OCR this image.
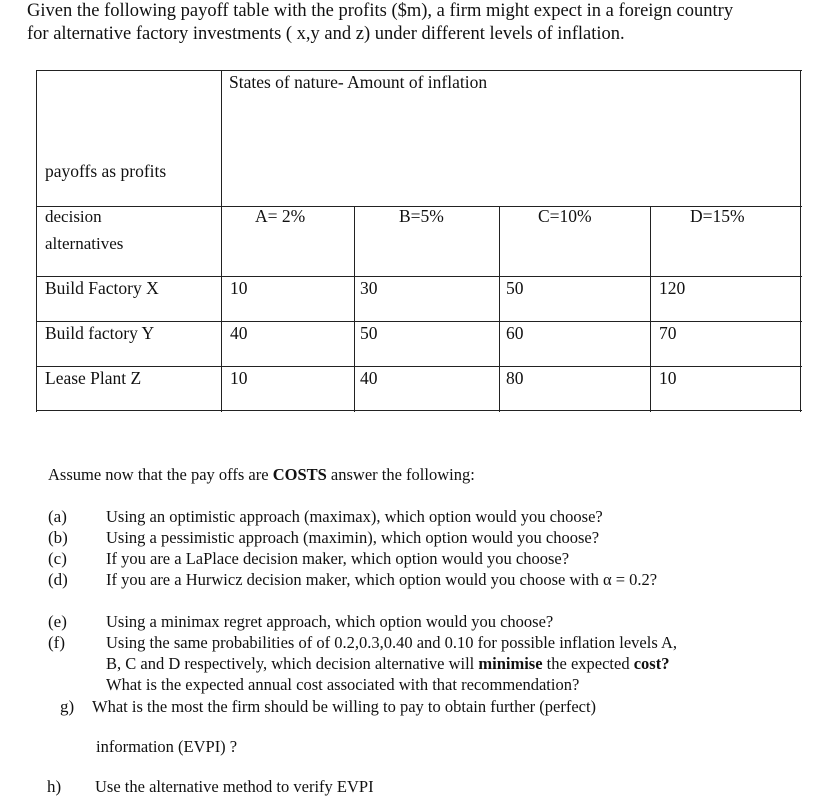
Given the following payoff table with the profits ($m), a firm might expect in a foreign country
for alternative factory investments ( x,y and z) under different levels of inflation.
States of nature- Amount of inflation
payoffs as profits
decision alternatives
A= 2%	B=5%	C=10%	D=15%
Build Factory X	10	30	50	120
Build factory Y	40	50	60	70
Lease Plant Z	10	40	80	10
Assume now that the pay offs are COSTS answer the following:
(a) Using an optimistic approach (maximax), which option would you choose?
(b) Using a pessimistic approach (maximin), which option would you choose?
(c) If you are a LaPlace decision maker, which option would you choose?
(d) If you are a Hurwicz decision maker, which option would you choose with α = 0.2?
(e) Using a minimax regret approach, which option would you choose?
(f) Using the same probabilities of of 0.2,0.3,0.40 and 0.10 for possible inflation levels A,
B, C and D respectively, which decision alternative will minimise the expected cost?
What is the expected annual cost associated with that recommendation?
g) What is the most the firm should be willing to pay to obtain further (perfect)
information (EVPI) ?
h) Use the alternative method to verify EVPI
